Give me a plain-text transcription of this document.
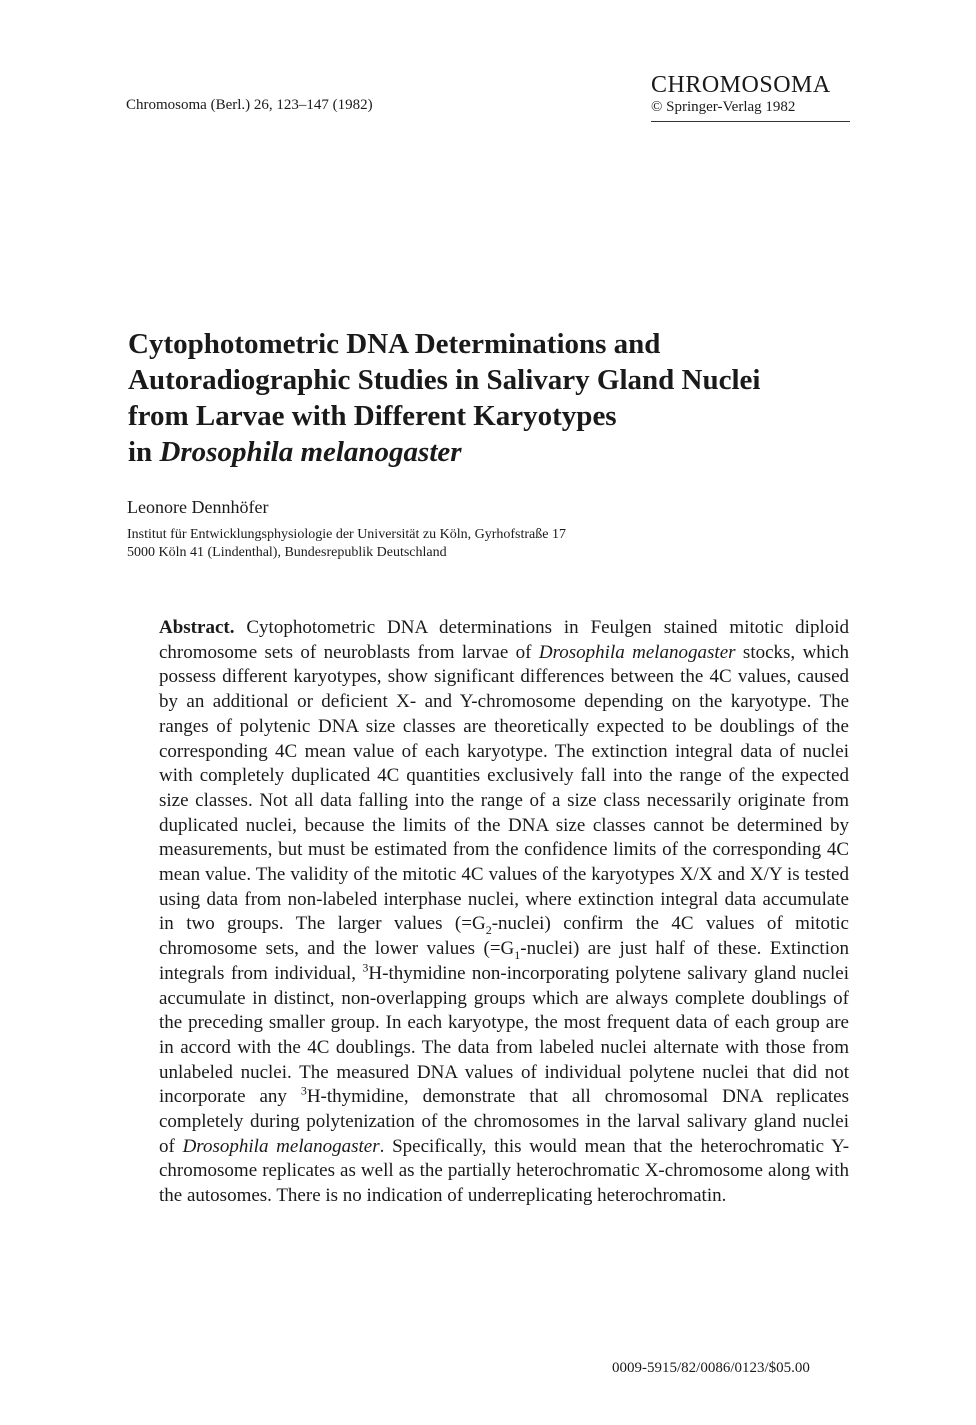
Chromosoma (Berl.) 26, 123–147 (1982)
CHROMOSOMA
© Springer-Verlag 1982
Cytophotometric DNA Determinations and
Autoradiographic Studies in Salivary Gland Nuclei
from Larvae with Different Karyotypes
in Drosophila melanogaster
Leonore Dennhöfer
Institut für Entwicklungsphysiologie der Universität zu Köln, Gyrhofstraße 17
5000 Köln 41 (Lindenthal), Bundesrepublik Deutschland

Abstract. Cytophotometric DNA determinations in Feulgen stained mitotic diploid chromosome sets of neuroblasts from larvae of Drosophila melanogaster stocks, which possess different karyotypes, show significant differences between the 4C values, caused by an additional or deficient X- and Y-chromosome depending on the karyotype. The ranges of polytenic DNA size classes are theoretically expected to be doublings of the corresponding 4C mean value of each karyotype. The extinction integral data of nuclei with completely duplicated 4C quantities exclusively fall into the range of the expected size classes. Not all data falling into the range of a size class necessarily originate from duplicated nuclei, because the limits of the DNA size classes cannot be determined by measurements, but must be estimated from the confidence limits of the corresponding 4C mean value. The validity of the mitotic 4C values of the karyotypes X/X and X/Y is tested using data from non-labeled interphase nuclei, where extinction integral data accumulate in two groups. The larger values $(=G_2-nuclei)$ confirm the 4C values of mitotic chromosome sets, and the lower values $(=G_1-nuclei)$ are just half of these. Extinction integrals from individual, $^3$H-thymidine non-incorporating polytene salivary gland nuclei accumulate in distinct, non-overlapping groups which are always complete doublings of the preceding smaller group. In each karyotype, the most frequent data of each group are in accord with the 4C doublings. The data from labeled nuclei alternate with those from unlabeled nuclei. The measured DNA values of individual polytene nuclei that did not incorporate any $^3$H-thymidine, demonstrate that all chromosomal DNA replicates completely during polytenization of the chromosomes in the larval salivary gland nuclei of Drosophila melanogaster. Specifically, this would mean that the heterochromatic Y-chromosome replicates as well as the partially heterochromatic X-chromosome along with the autosomes. There is no indication of underreplicating heterochromatin.

0009-5915/82/0086/0123/$05.00
